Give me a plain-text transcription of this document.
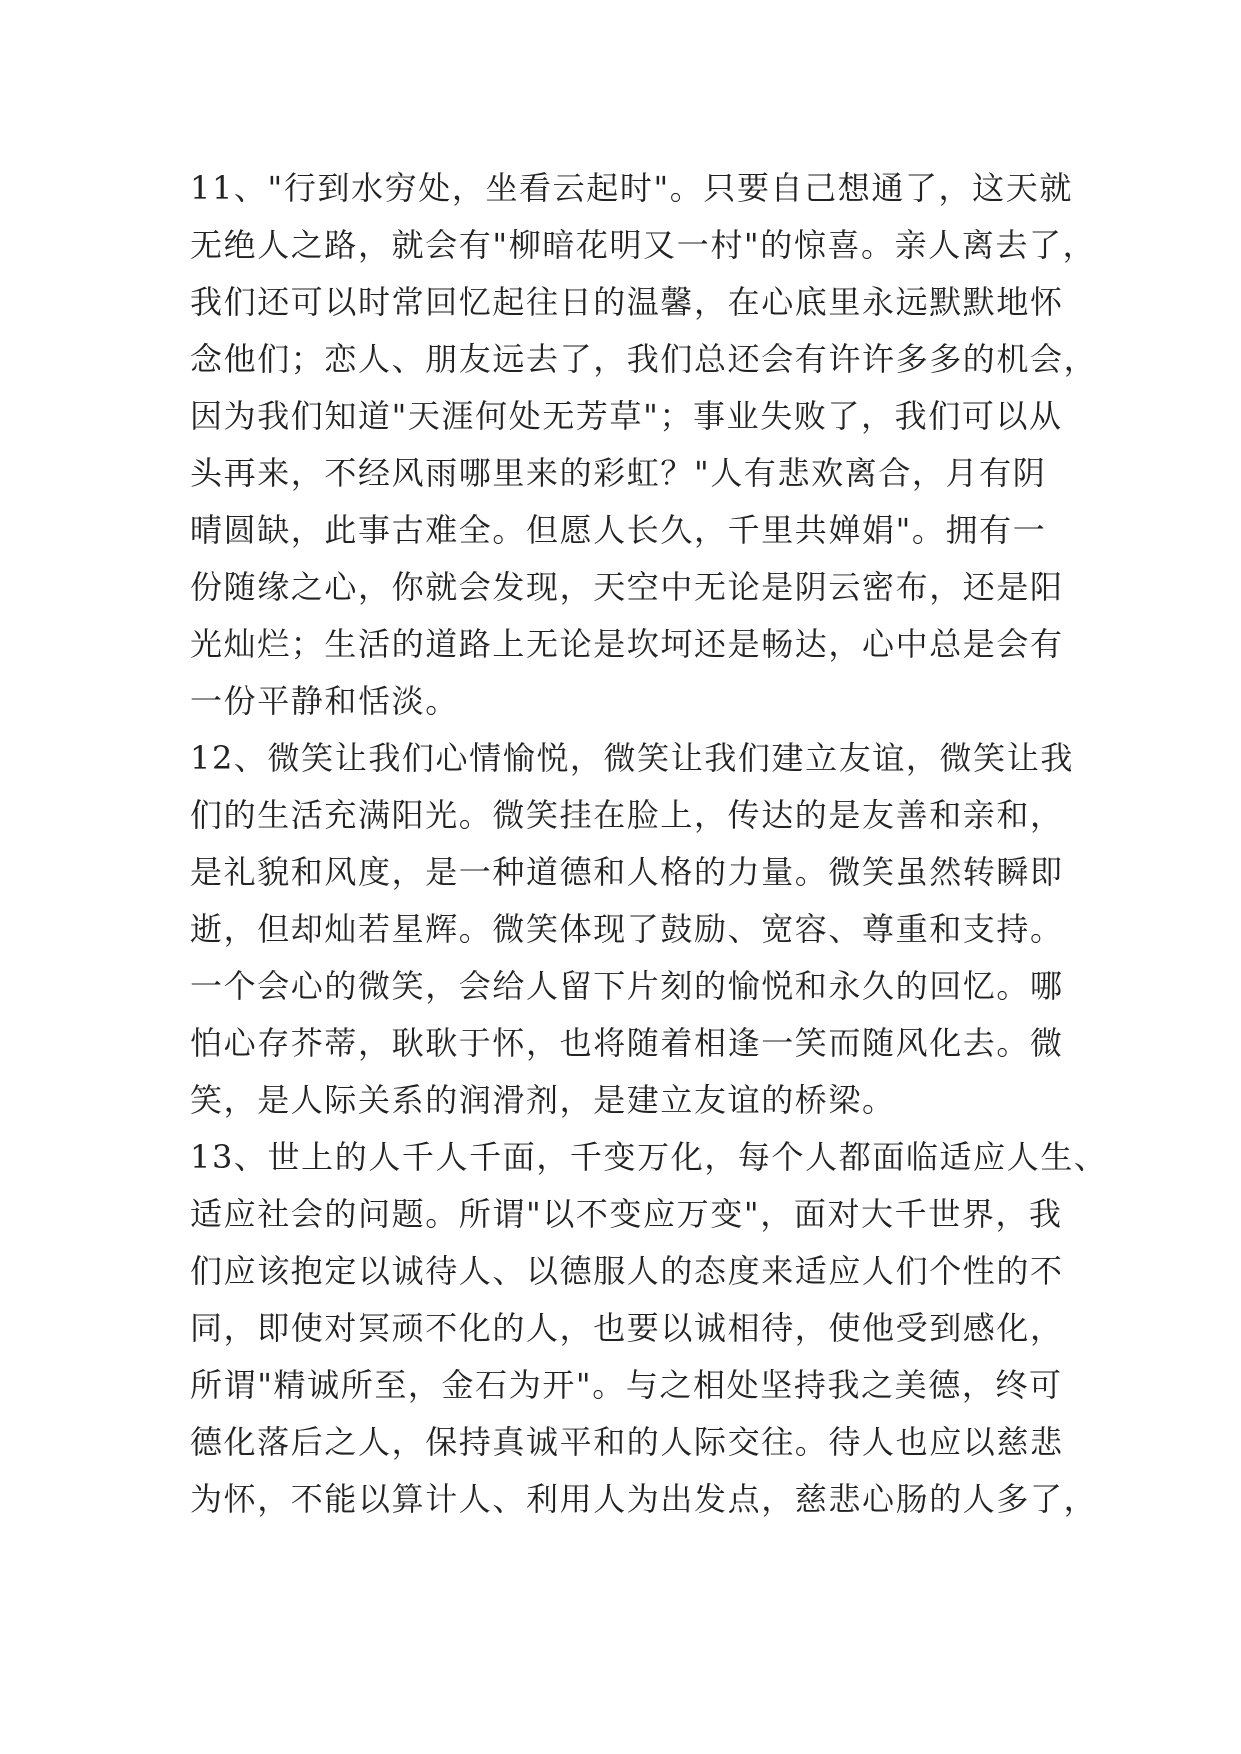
11、"行到水穷处，坐看云起时"。只要自己想通了，这天就
无绝人之路，就会有"柳暗花明又一村"的惊喜。亲人离去了，
我们还可以时常回忆起往日的温馨，在心底里永远默默地怀
念他们；恋人、朋友远去了，我们总还会有许许多多的机会，
因为我们知道"天涯何处无芳草"；事业失败了，我们可以从
头再来，不经风雨哪里来的彩虹？"人有悲欢离合，月有阴
晴圆缺，此事古难全。但愿人长久，千里共婵娟"。拥有一
份随缘之心，你就会发现，天空中无论是阴云密布，还是阳
光灿烂；生活的道路上无论是坎坷还是畅达，心中总是会有
一份平静和恬淡。
12、微笑让我们心情愉悦，微笑让我们建立友谊，微笑让我
们的生活充满阳光。微笑挂在脸上，传达的是友善和亲和，
是礼貌和风度，是一种道德和人格的力量。微笑虽然转瞬即
逝，但却灿若星辉。微笑体现了鼓励、宽容、尊重和支持。
一个会心的微笑，会给人留下片刻的愉悦和永久的回忆。哪
怕心存芥蒂，耿耿于怀，也将随着相逢一笑而随风化去。微
笑，是人际关系的润滑剂，是建立友谊的桥梁。
13、世上的人千人千面，千变万化，每个人都面临适应人生、
适应社会的问题。所谓"以不变应万变"，面对大千世界，我
们应该抱定以诚待人、以德服人的态度来适应人们个性的不
同，即使对冥顽不化的人，也要以诚相待，使他受到感化，
所谓"精诚所至，金石为开"。与之相处坚持我之美德，终可
德化落后之人，保持真诚平和的人际交往。待人也应以慈悲
为怀，不能以算计人、利用人为出发点，慈悲心肠的人多了，
